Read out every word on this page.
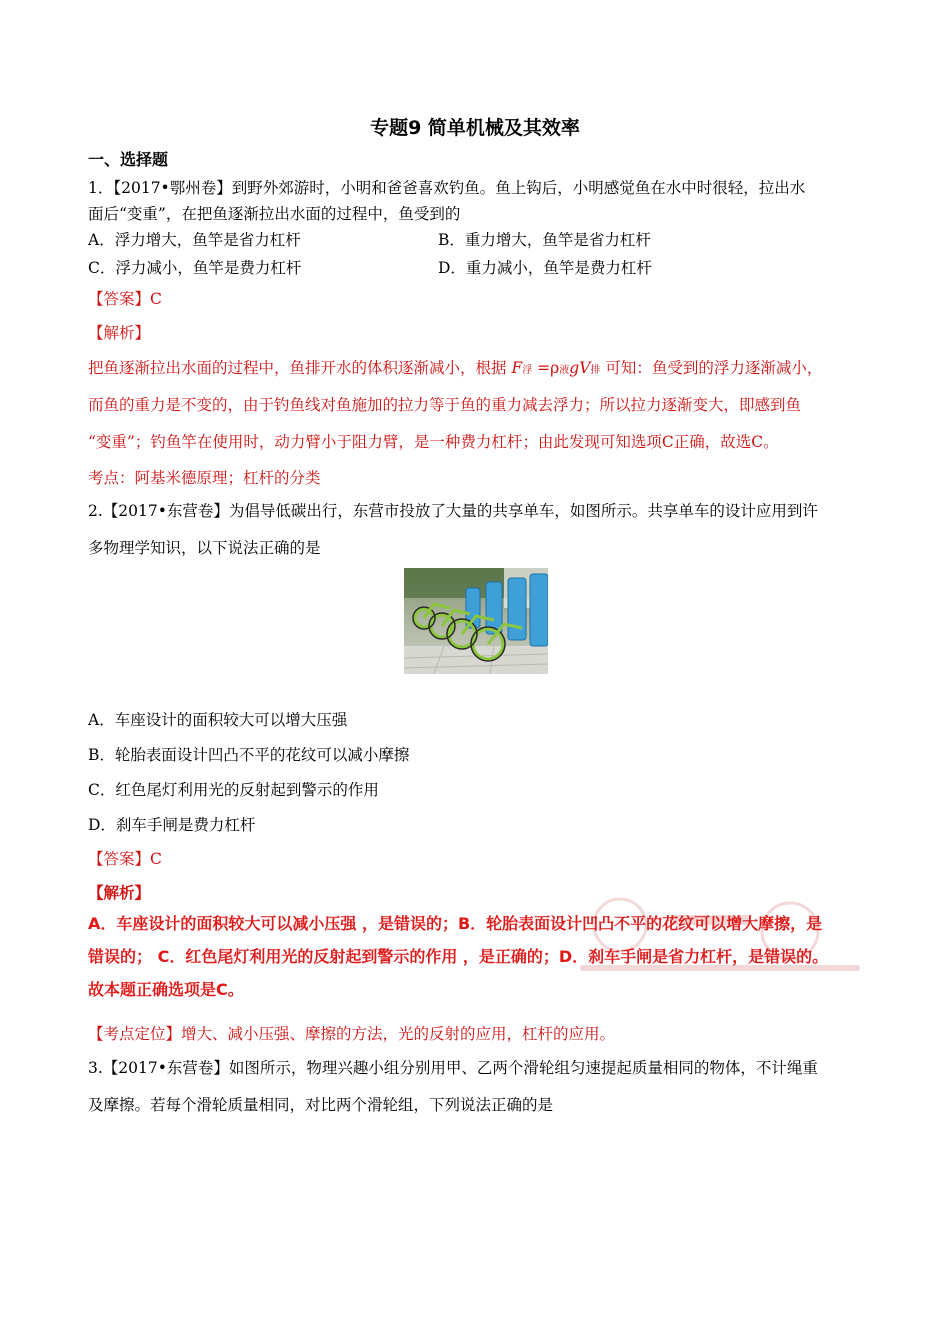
专题9 简单机械及其效率
一、选择题
1．【2017•鄂州卷】到野外郊游时，小明和爸爸喜欢钓鱼。鱼上钩后，小明感觉鱼在水中时很轻，拉出水
面后“变重”，在把鱼逐渐拉出水面的过程中，鱼受到的
A．浮力增大，鱼竿是省力杠杆	B．重力增大，鱼竿是省力杠杆
C．浮力减小，鱼竿是费力杠杆	D．重力减小，鱼竿是费力杠杆
【答案】C
【解析】
把鱼逐渐拉出水面的过程中，鱼排开水的体积逐渐减小，根据 F浮 =ρ液gV排 可知：鱼受到的浮力逐渐减小，
而鱼的重力是不变的，由于钓鱼线对鱼施加的拉力等于鱼的重力减去浮力；所以拉力逐渐变大，即感到鱼
“变重”；钓鱼竿在使用时，动力臂小于阻力臂，是一种费力杠杆；由此发现可知选项C正确，故选C。
考点：阿基米德原理；杠杆的分类
2.【2017•东营卷】为倡导低碳出行，东营市投放了大量的共享单车，如图所示。共享单车的设计应用到许
多物理学知识，以下说法正确的是
A．车座设计的面积较大可以增大压强
B．轮胎表面设计凹凸不平的花纹可以减小摩擦
C．红色尾灯利用光的反射起到警示的作用
D．刹车手闸是费力杠杆
【答案】C
【解析】
A．车座设计的面积较大可以减小压强 ，是错误的；B．轮胎表面设计凹凸不平的花纹可以增大摩擦，是
错误的； C．红色尾灯利用光的反射起到警示的作用 ，是正确的；D．刹车手闸是省力杠杆，是错误的。
故本题正确选项是C。
【考点定位】增大、减小压强、摩擦的方法，光的反射的应用，杠杆的应用。
3.【2017•东营卷】如图所示，物理兴趣小组分别用甲、乙两个滑轮组匀速提起质量相同的物体，不计绳重
及摩擦。若每个滑轮质量相同，对比两个滑轮组，下列说法正确的是
